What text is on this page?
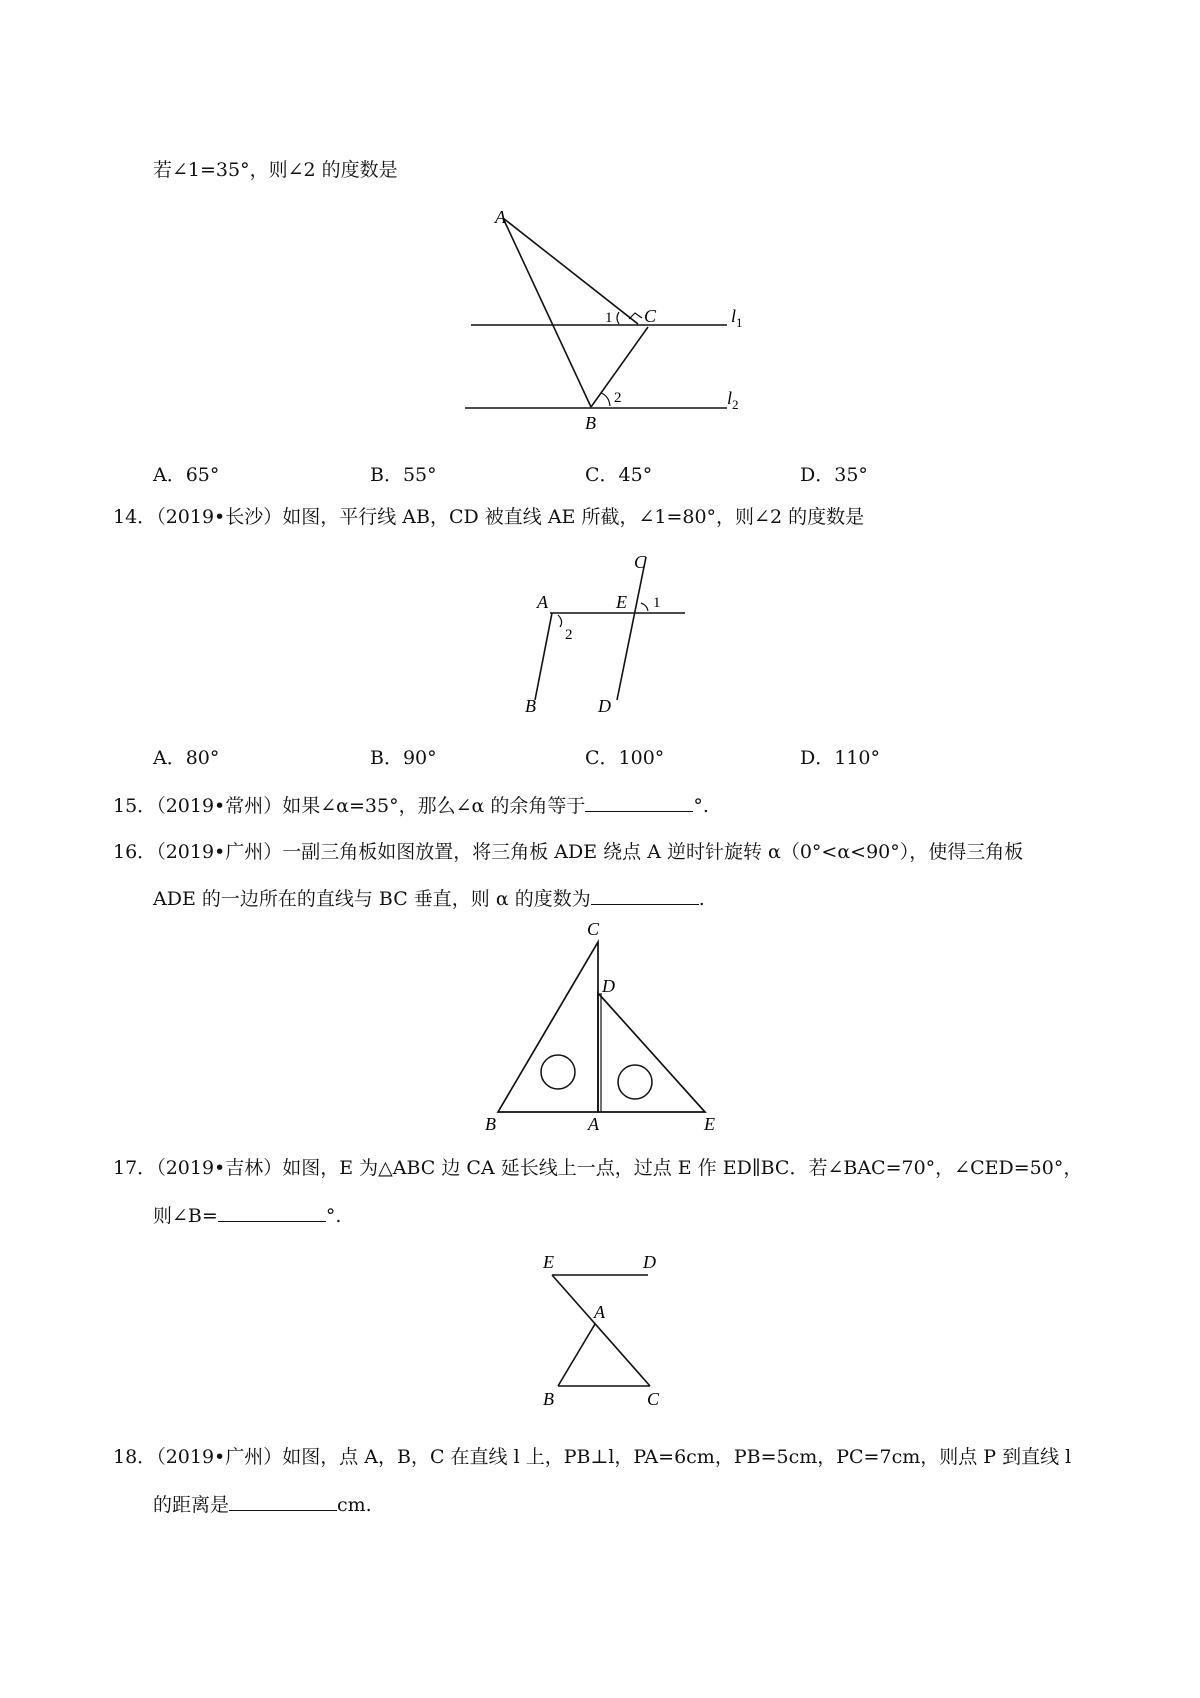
若∠1=35°，则∠2 的度数是
A
C
B
1
2
$l_1$
$l_2$
A．65°	B．55°	C．45°	D．35°
14．（2019•长沙）如图，平行线 AB，CD 被直线 AE 所截，∠1=80°，则∠2 的度数是
C
A	E 1
2
B	D
A．80°	B．90°	C．100°	D．110°
15．（2019•常州）如果∠α=35°，那么∠α 的余角等于	°.
16．（2019•广州）一副三角板如图放置，将三角板 ADE 绕点 A 逆时针旋转 α（0°<α<90°），使得三角板
ADE 的一边所在的直线与 BC 垂直，则 α 的度数为	.
C
D
B	A	E
17．（2019•吉林）如图，E 为△ABC 边 CA 延长线上一点，过点 E 作 ED∥BC．若∠BAC=70°，∠CED=50°，
则∠B=	°.
E	D
A
B	C
18．（2019•广州）如图，点 A，B，C 在直线 l 上，PB⊥l，PA=6cm，PB=5cm，PC=7cm，则点 P 到直线 l
的距离是	cm.
